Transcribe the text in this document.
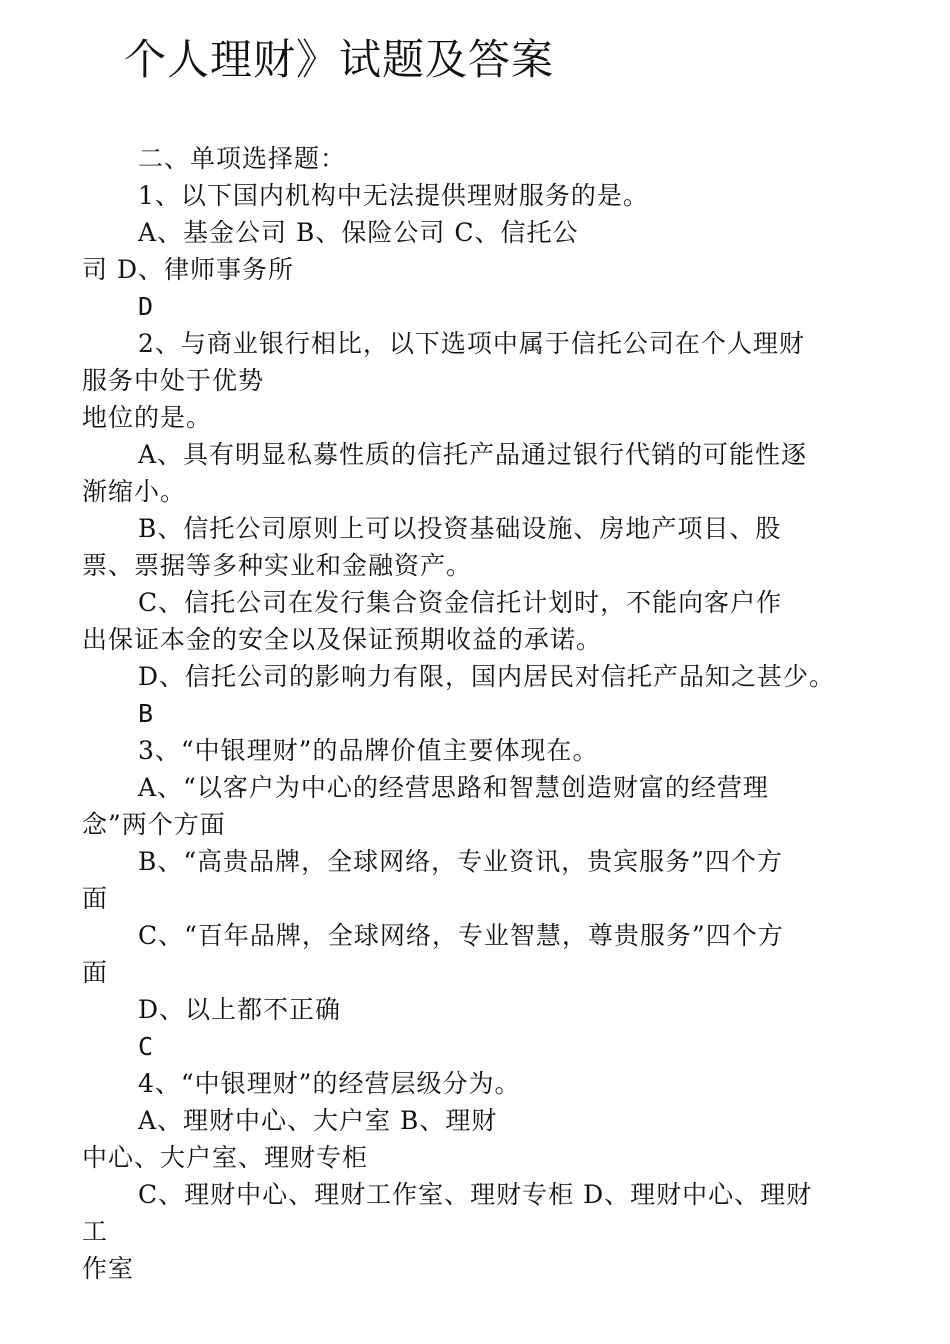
个人理财》试题及答案
二、单项选择题：
1、以下国内机构中无法提供理财服务的是。
A、基金公司 B、保险公司 C、信托公
司 D、律师事务所
D
2、与商业银行相比，以下选项中属于信托公司在个人理财
服务中处于优势
地位的是。
A、具有明显私募性质的信托产品通过银行代销的可能性逐
渐缩小。
B、信托公司原则上可以投资基础设施、房地产项目、股
票、票据等多种实业和金融资产。
C、信托公司在发行集合资金信托计划时，不能向客户作
出保证本金的安全以及保证预期收益的承诺。
D、信托公司的影响力有限，国内居民对信托产品知之甚少。
B
3、“中银理财”的品牌价值主要体现在。
A、“以客户为中心的经营思路和智慧创造财富的经营理
念”两个方面
B、“高贵品牌，全球网络，专业资讯，贵宾服务”四个方
面
C、“百年品牌，全球网络，专业智慧，尊贵服务”四个方
面
D、以上都不正确
C
4、“中银理财”的经营层级分为。
A、理财中心、大户室 B、理财
中心、大户室、理财专柜
C、理财中心、理财工作室、理财专柜 D、理财中心、理财
工
作室
